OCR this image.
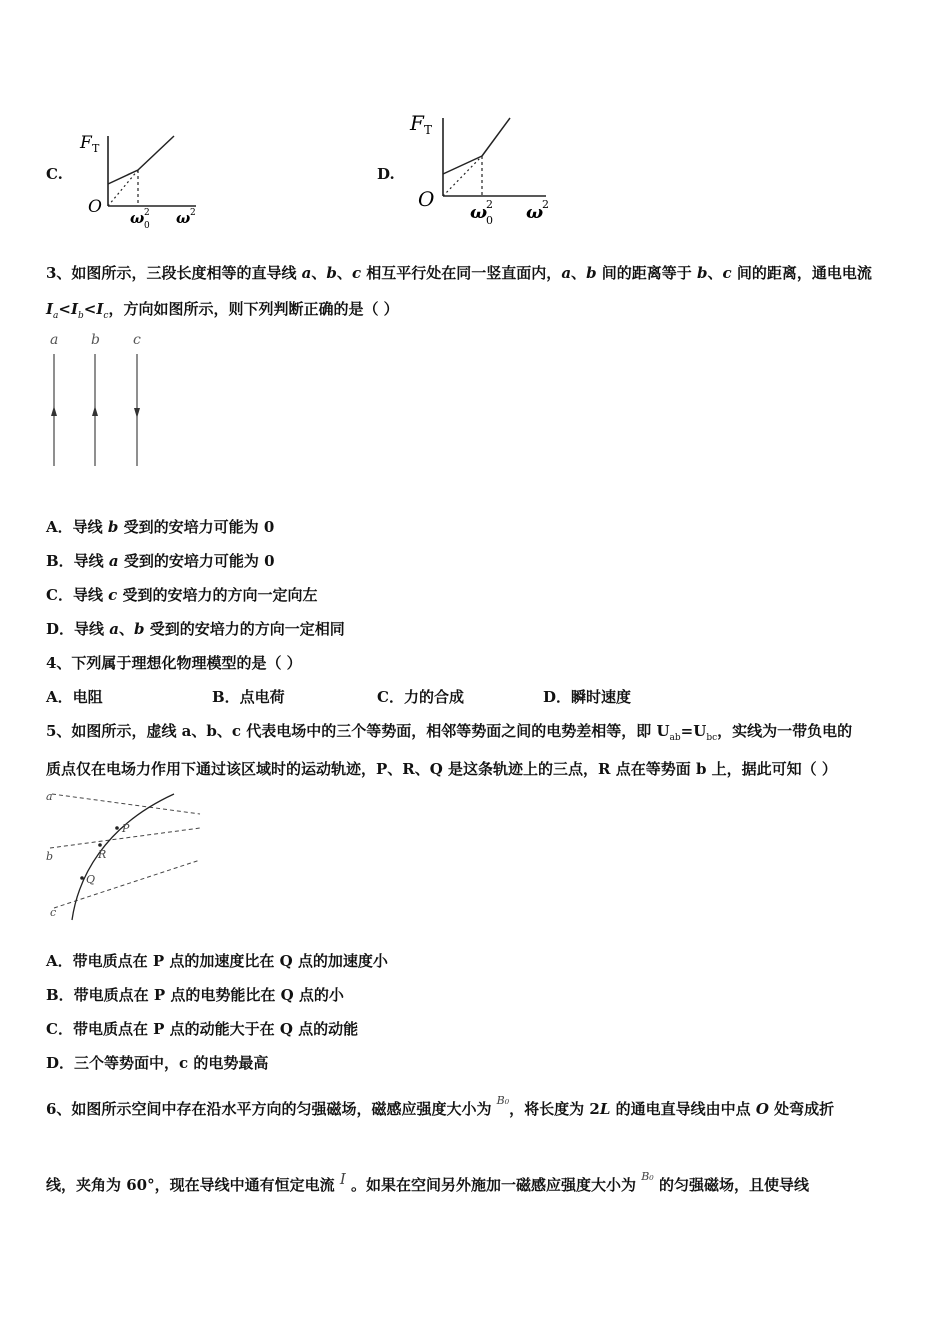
C.	D.
F T
O
ω 2
0 ω 2
F T
O
ω
2
0 ω
2
3、如图所示，三段长度相等的直导线 a、b、c 相互平行处在同一竖直面内，a、b 间的距离等于 b、c 间的距离，通电电流
$I_a<I_b<I_c$，方向如图所示，则下列判断正确的是（ ）
a b c
A．导线 b 受到的安培力可能为 0
B．导线 a 受到的安培力可能为 0
C．导线 c 受到的安培力的方向一定向左
D．导线 a、b 受到的安培力的方向一定相同
4、下列属于理想化物理模型的是（ ）
A．电阻	B．点电荷	C．力的合成	D．瞬时速度
5、如图所示，虚线 a、b、c 代表电场中的三个等势面，相邻等势面之间的电势差相等，即 $U_{ab}=U_{bc}$，实线为一带负电的
质点仅在电场力作用下通过该区域时的运动轨迹，P、R、Q 是这条轨迹上的三点，R 点在等势面 b 上，据此可知（ ）
a
b
c
P
R
Q
A．带电质点在 P 点的加速度比在 Q 点的加速度小
B．带电质点在 P 点的电势能比在 Q 点的小
C．带电质点在 P 点的动能大于在 Q 点的动能
D．三个等势面中，c 的电势最高
6、如图所示空间中存在沿水平方向的匀强磁场，磁感应强度大小为 $^{B_0}$，将长度为 2L 的通电直导线由中点 O 处弯成折
线，夹角为 60°，现在导线中通有恒定电流 I 。如果在空间另外施加一磁感应强度大小为 $^{B_0}$ 的匀强磁场，且使导线
